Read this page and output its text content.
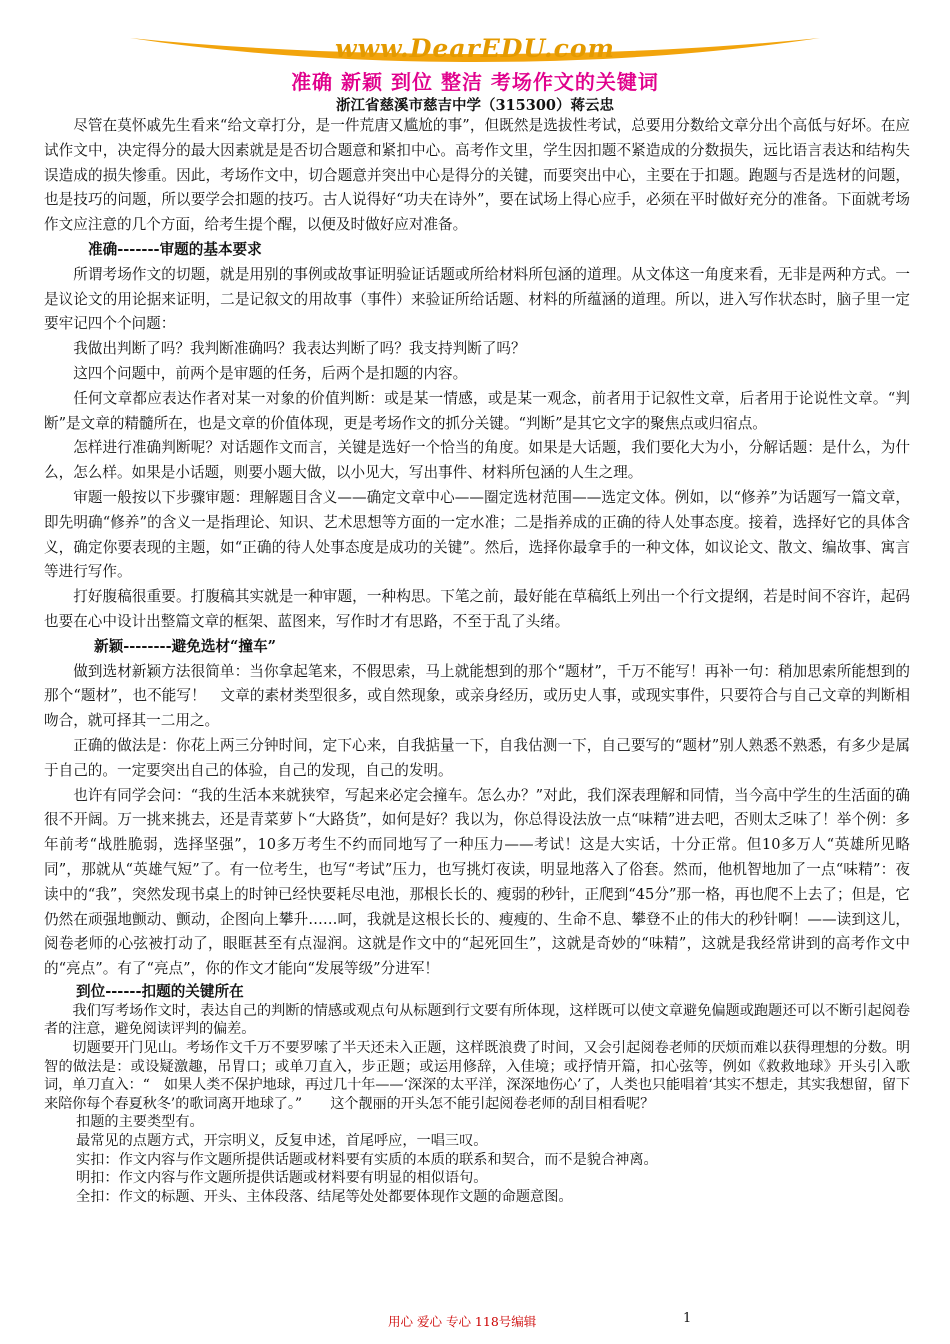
www.DearEDU.com
准确 新颖 到位 整洁 考场作文的关键词
浙江省慈溪市慈吉中学（315300）蒋云忠

尽管在莫怀戚先生看来“给文章打分，是一件荒唐又尴尬的事”，但既然是选拔性考试，总要用分数给文章分出个高低与好坏。在应试作文中，决定得分的最大因素就是是否切合题意和紧扣中心。高考作文里，学生因扣题不紧造成的分数损失，远比语言表达和结构失误造成的损失惨重。因此，考场作文中，切合题意并突出中心是得分的关键，而要突出中心，主要在于扣题。跑题与否是选材的问题，也是技巧的问题，所以要学会扣题的技巧。古人说得好“功夫在诗外”，要在试场上得心应手，必须在平时做好充分的准备。下面就考场作文应注意的几个方面，给考生提个醒，以便及时做好应对准备。

准确-------审题的基本要求

所谓考场作文的切题，就是用别的事例或故事证明验证话题或所给材料所包涵的道理。从文体这一角度来看，无非是两种方式。一是议论文的用论据来证明，二是记叙文的用故事（事件）来验证所给话题、材料的所蕴涵的道理。所以，进入写作状态时，脑子里一定要牢记四个个问题：

我做出判断了吗？我判断准确吗？我表达判断了吗？我支持判断了吗？

这四个问题中，前两个是审题的任务，后两个是扣题的内容。

任何文章都应表达作者对某一对象的价值判断：或是某一情感，或是某一观念，前者用于记叙性文章，后者用于论说性文章。“判断”是文章的精髓所在，也是文章的价值体现，更是考场作文的抓分关键。“判断”是其它文字的聚焦点或归宿点。

怎样进行准确判断呢？对话题作文而言，关键是选好一个恰当的角度。如果是大话题，我们要化大为小，分解话题：是什么，为什么，怎么样。如果是小话题，则要小题大做，以小见大，写出事件、材料所包涵的人生之理。

审题一般按以下步骤审题：理解题目含义——确定文章中心——圈定选材范围——选定文体。例如，以“修养”为话题写一篇文章，即先明确“修养”的含义一是指理论、知识、艺术思想等方面的一定水准；二是指养成的正确的待人处事态度。接着，选择好它的具体含义，确定你要表现的主题，如“正确的待人处事态度是成功的关键”。然后，选择你最拿手的一种文体，如议论文、散文、编故事、寓言等进行写作。

打好腹稿很重要。打腹稿其实就是一种审题，一种构思。下笔之前，最好能在草稿纸上列出一个行文提纲，若是时间不容许，起码也要在心中设计出整篇文章的框架、蓝图来，写作时才有思路，不至于乱了头绪。

新颖--------避免选材“撞车”

做到选材新颖方法很简单：当你拿起笔来，不假思索，马上就能想到的那个“题材”，千万不能写！再补一句：稍加思索所能想到的那个“题材”，也不能写！　文章的素材类型很多，或自然现象，或亲身经历，或历史人事，或现实事件，只要符合与自己文章的判断相吻合，就可择其一二用之。

正确的做法是：你花上两三分钟时间，定下心来，自我掂量一下，自我估测一下，自己要写的“题材”别人熟悉不熟悉，有多少是属于自己的。一定要突出自己的体验，自己的发现，自己的发明。

也许有同学会问：“我的生活本来就狭窄，写起来必定会撞车。怎么办？”对此，我们深表理解和同情，当今高中学生的生活面的确很不开阔。万一挑来挑去，还是青菜萝卜“大路货”，如何是好？我以为，你总得设法放一点“味精”进去吧，否则太乏味了！举个例：多年前考“战胜脆弱，选择坚强”，10多万考生不约而同地写了一种压力——考试！这是大实话，十分正常。但10多万人“英雄所见略同”，那就从“英雄气短”了。有一位考生，也写“考试”压力，也写挑灯夜读，明显地落入了俗套。然而，他机智地加了一点“味精”：夜读中的“我”，突然发现书桌上的时钟已经快要耗尽电池，那根长长的、瘦弱的秒针，正爬到“45分”那一格，再也爬不上去了；但是，它仍然在顽强地颤动、颤动，企图向上攀升……呵，我就是这根长长的、瘦瘦的、生命不息、攀登不止的伟大的秒针啊！——读到这儿，阅卷老师的心弦被打动了，眼眶甚至有点湿润。这就是作文中的“起死回生”，这就是奇妙的“味精”，这就是我经常讲到的高考作文中的“亮点”。有了“亮点”，你的作文才能向“发展等级”分进军！

到位------扣题的关键所在

我们写考场作文时，表达自己的判断的情感或观点句从标题到行文要有所体现，这样既可以使文章避免偏题或跑题还可以不断引起阅卷者的注意，避免阅读评判的偏差。

切题要开门见山。考场作文千万不要罗嗦了半天还未入正题，这样既浪费了时间，又会引起阅卷老师的厌烦而难以获得理想的分数。明智的做法是：或设疑激趣，吊胃口；或单刀直入，步正题；或运用修辞，入佳境；或抒情开篇，扣心弦等，例如《救救地球》开头引入歌词，单刀直入：“　如果人类不保护地球，再过几十年——‘深深的太平洋，深深地伤心’了，人类也只能唱着‘其实不想走，其实我想留，留下来陪你每个春夏秋冬’的歌词离开地球了。”　　这个靓丽的开头怎不能引起阅卷老师的刮目相看呢？

扣题的主要类型有。

最常见的点题方式，开宗明义，反复申述，首尾呼应，一唱三叹。

实扣：作文内容与作文题所提供话题或材料要有实质的本质的联系和契合，而不是貌合神离。

明扣：作文内容与作文题所提供话题或材料要有明显的相似语句。

全扣：作文的标题、开头、主体段落、结尾等处处都要体现作文题的命题意图。

用心 爱心 专心 118号编辑	1
